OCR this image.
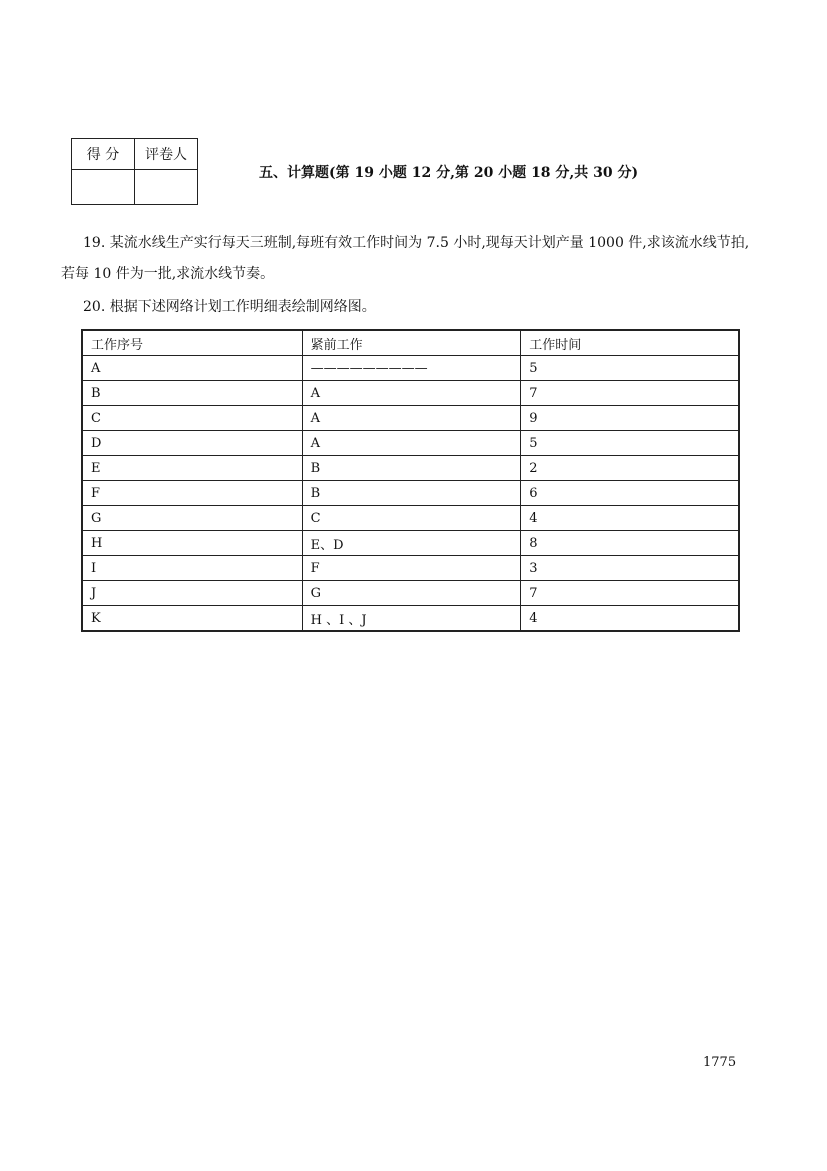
得 分	评卷人

五、计算题(第 19 小题 12 分,第 20 小题 18 分,共 30 分)

19. 某流水线生产实行每天三班制,每班有效工作时间为 7.5 小时,现每天计划产量 1000 件,求该流水线节拍,若每 10 件为一批,求流水线节奏。

20. 根据下述网络计划工作明细表绘制网络图。

工作序号	紧前工作	工作时间
A	—————————	5
B	A	7
C	A	9
D	A	5
E	B	2
F	B	6
G	C	4
H	E、D	8
I	F	3
J	G	7
K	H 、I 、J	4
1775
